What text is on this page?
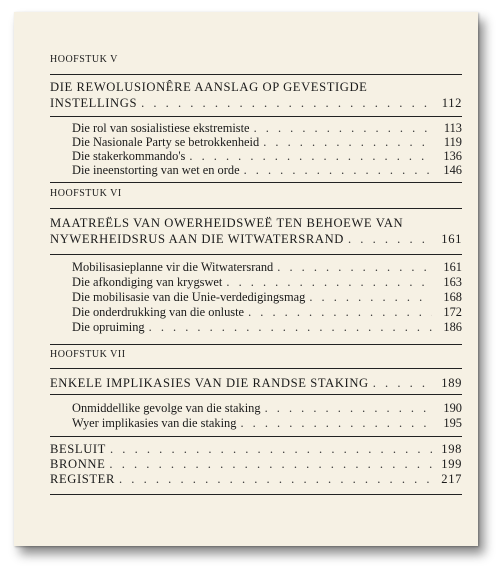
HOOFSTUK V
DIE REWOLUSIONÊRE AANSLAG OP GEVESTIGDE
INSTELLINGS . . .	112
Die rol van sosialistiese ekstremiste . . .	113
Die Nasionale Party se betrokkenheid . . .	119
Die stakerkommando's . . .	136
Die ineenstorting van wet en orde . . .	146
HOOFSTUK VI
MAATREËLS VAN OWERHEIDSWEË TEN BEHOEWE VAN
NYWERHEIDSRUS AAN DIE WITWATERSRAND . . .	161
Mobilisasieplanne vir die Witwatersrand . . .	161
Die afkondiging van krygswet . . .	163
Die mobilisasie van die Unie-verdedigingsmag . . .	168
Die onderdrukking van die onluste . . .	172
Die opruiming . . .	186
HOOFSTUK VII
ENKELE IMPLIKASIES VAN DIE RANDSE STAKING . . .	189
Onmiddellike gevolge van die staking . . .	190
Wyer implikasies van die staking . . .	195
BESLUIT . . .	198
BRONNE . . .	199
REGISTER . . .	217
